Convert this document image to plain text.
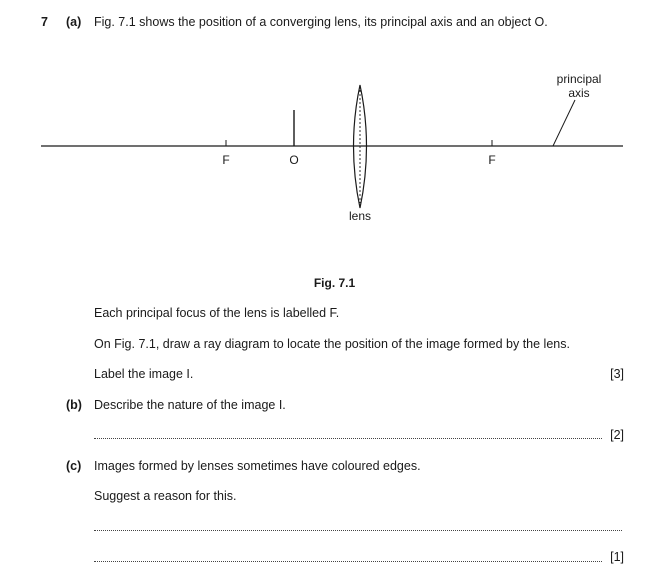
7 (a) Fig. 7.1 shows the position of a converging lens, its principal axis and an object O.
principal
axis
F	O
lens
F
Fig. 7.1
Each principal focus of the lens is labelled F.
On Fig. 7.1, draw a ray diagram to locate the position of the image formed by the lens.
Label the image I.	[3]
(b) Describe the nature of the image I.
[2]
(c) Images formed by lenses sometimes have coloured edges.
Suggest a reason for this.
[1]
